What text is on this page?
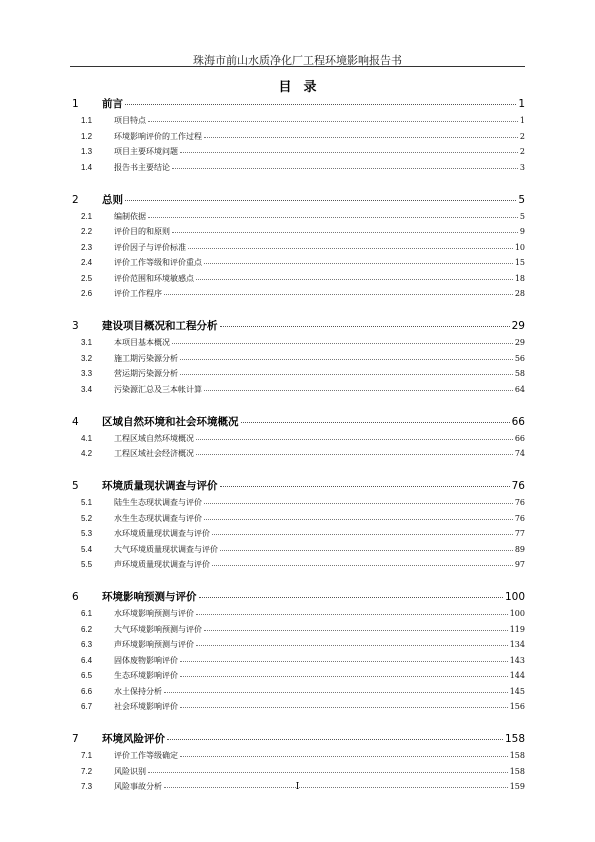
珠海市前山水质净化厂工程环境影响报告书
目录
1	前言	1
1.1	项目特点	1
1.2	环境影响评价的工作过程	2
1.3	项目主要环境问题	2
1.4	报告书主要结论	3
2	总则	5
2.1	编制依据	5
2.2	评价目的和原则	9
2.3	评价因子与评价标准	10
2.4	评价工作等级和评价重点	15
2.5	评价范围和环境敏感点	18
2.6	评价工作程序	28
3	建设项目概况和工程分析	29
3.1	本项目基本概况	29
3.2	施工期污染源分析	56
3.3	营运期污染源分析	58
3.4	污染源汇总及三本帐计算	64
4	区域自然环境和社会环境概况	66
4.1	工程区域自然环境概况	66
4.2	工程区域社会经济概况	74
5	环境质量现状调查与评价	76
5.1	陆生生态现状调查与评价	76
5.2	水生生态现状调查与评价	76
5.3	水环境质量现状调查与评价	77
5.4	大气环境质量现状调查与评价	89
5.5	声环境质量现状调查与评价	97
6	环境影响预测与评价	100
6.1	水环境影响预测与评价	100
6.2	大气环境影响预测与评价	119
6.3	声环境影响预测与评价	134
6.4	固体废物影响评价	143
6.5	生态环境影响评价	144
6.6	水土保持分析	145
6.7	社会环境影响评价	156
7	环境风险评价	158
7.1	评价工作等级确定	158
7.2	风险识别	158
7.3	风险事故分析	159
I
